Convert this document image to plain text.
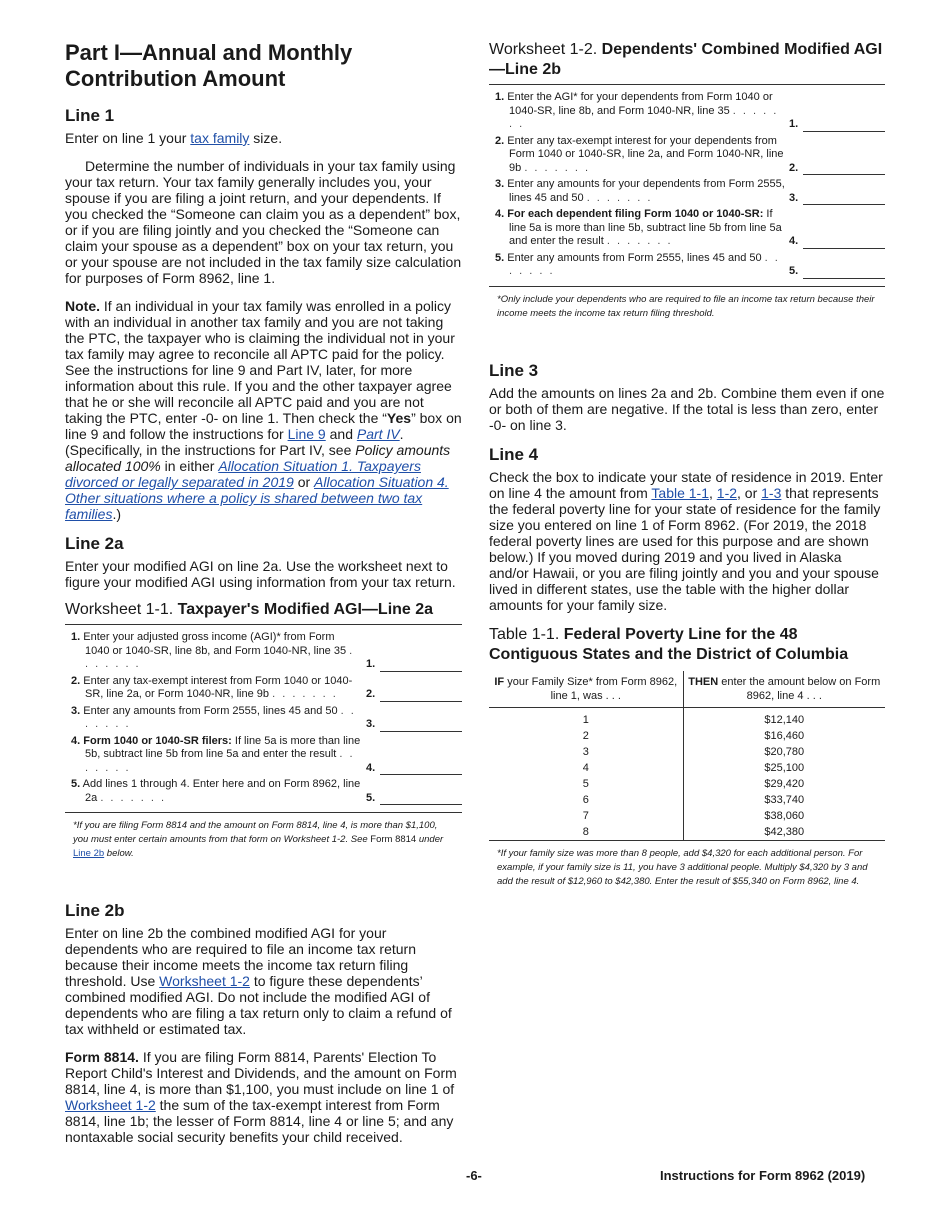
Part I—Annual and Monthly Contribution Amount
Line 1

Enter on line 1 your tax family size.

Determine the number of individuals in your tax family using your tax return. Your tax family generally includes you, your spouse if you are filing a joint return, and your dependents. If you checked the “Someone can claim you as a dependent” box, or if you are filing jointly and you checked the “Someone can claim your spouse as a dependent” box on your tax return, you or your spouse are not included in the tax family size calculation for purposes of Form 8962, line 1.

Note. If an individual in your tax family was enrolled in a policy with an individual in another tax family and you are not taking the PTC, the taxpayer who is claiming the individual not in your tax family may agree to reconcile all APTC paid for the policy. See the instructions for line 9 and Part IV, later, for more information about this rule. If you and the other taxpayer agree that he or she will reconcile all APTC paid and you are not taking the PTC, enter -0- on line 1. Then check the “Yes” box on line 9 and follow the instructions for Line 9 and Part IV. (Specifically, in the instructions for Part IV, see Policy amounts allocated 100% in either Allocation Situation 1. Taxpayers divorced or legally separated in 2019 or Allocation Situation 4. Other situations where a policy is shared between two tax families.)

Line 2a

Enter your modified AGI on line 2a. Use the worksheet next to figure your modified AGI using information from your tax return.

Worksheet 1-1. Taxpayer's Modified AGI—Line 2a
1. Enter your adjusted gross income (AGI)* from Form 1040 or 1040-SR, line 8b, and Form 1040-NR, line 35 . . . . . . .	1.
2. Enter any tax-exempt interest from Form 1040 or 1040-SR, line 2a, or Form 1040-NR, line 9b . . . . . . .	2.
3. Enter any amounts from Form 2555, lines 45 and 50 . . . . . . .	3.
4. Form 1040 or 1040-SR filers: If line 5a is more than line 5b, subtract line 5b from line 5a and enter the result . . . . . . .	4.
5. Add lines 1 through 4. Enter here and on Form 8962, line 2a . . . . . . .	5.
*If you are filing Form 8814 and the amount on Form 8814, line 4, is more than $1,100, you must enter certain amounts from that form on Worksheet 1-2. See Form 8814 under Line 2b below.
Line 2b

Enter on line 2b the combined modified AGI for your dependents who are required to file an income tax return because their income meets the income tax return filing threshold. Use Worksheet 1-2 to figure these dependents’ combined modified AGI. Do not include the modified AGI of dependents who are filing a tax return only to claim a refund of tax withheld or estimated tax.

Form 8814. If you are filing Form 8814, Parents' Election To Report Child's Interest and Dividends, and the amount on Form 8814, line 4, is more than $1,100, you must include on line 1 of Worksheet 1-2 the sum of the tax-exempt interest from Form 8814, line 1b; the lesser of Form 8814, line 4 or line 5; and any nontaxable social security benefits your child received.

Worksheet 1-2. Dependents' Combined Modified AGI—Line 2b
1. Enter the AGI* for your dependents from Form 1040 or 1040-SR, line 8b, and Form 1040-NR, line 35 . . . . . . .	1.
2. Enter any tax-exempt interest for your dependents from Form 1040 or 1040-SR, line 2a, and Form 1040-NR, line 9b . . . . . . .	2.
3. Enter any amounts for your dependents from Form 2555, lines 45 and 50 . . . . . . .	3.
4. For each dependent filing Form 1040 or 1040-SR: If line 5a is more than line 5b, subtract line 5b from line 5a and enter the result . . . . . . .	4.
5. Enter any amounts from Form 2555, lines 45 and 50 . . . . . . .	5.
*Only include your dependents who are required to file an income tax return because their income meets the income tax return filing threshold.
Line 3

Add the amounts on lines 2a and 2b. Combine them even if one or both of them are negative. If the total is less than zero, enter -0- on line 3.

Line 4

Check the box to indicate your state of residence in 2019. Enter on line 4 the amount from Table 1-1, 1-2, or 1-3 that represents the federal poverty line for your state of residence for the family size you entered on line 1 of Form 8962. (For 2019, the 2018 federal poverty lines are used for this purpose and are shown below.) If you moved during 2019 and you lived in Alaska and/or Hawaii, or you are filing jointly and you and your spouse lived in different states, use the table with the higher dollar amounts for your family size.

Table 1-1. Federal Poverty Line for the 48 Contiguous States and the District of Columbia
IF your Family Size* from Form 8962, line 1, was . . .	THEN enter the amount below on Form 8962, line 4 . . .
1	$12,140
2	$16,460
3	$20,780
4	$25,100
5	$29,420
6	$33,740
7	$38,060
8	$42,380
*If your family size was more than 8 people, add $4,320 for each additional person. For example, if your family size is 11, you have 3 additional people. Multiply $4,320 by 3 and add the result of $12,960 to $42,380. Enter the result of $55,340 on Form 8962, line 4.
-6-	Instructions for Form 8962 (2019)
